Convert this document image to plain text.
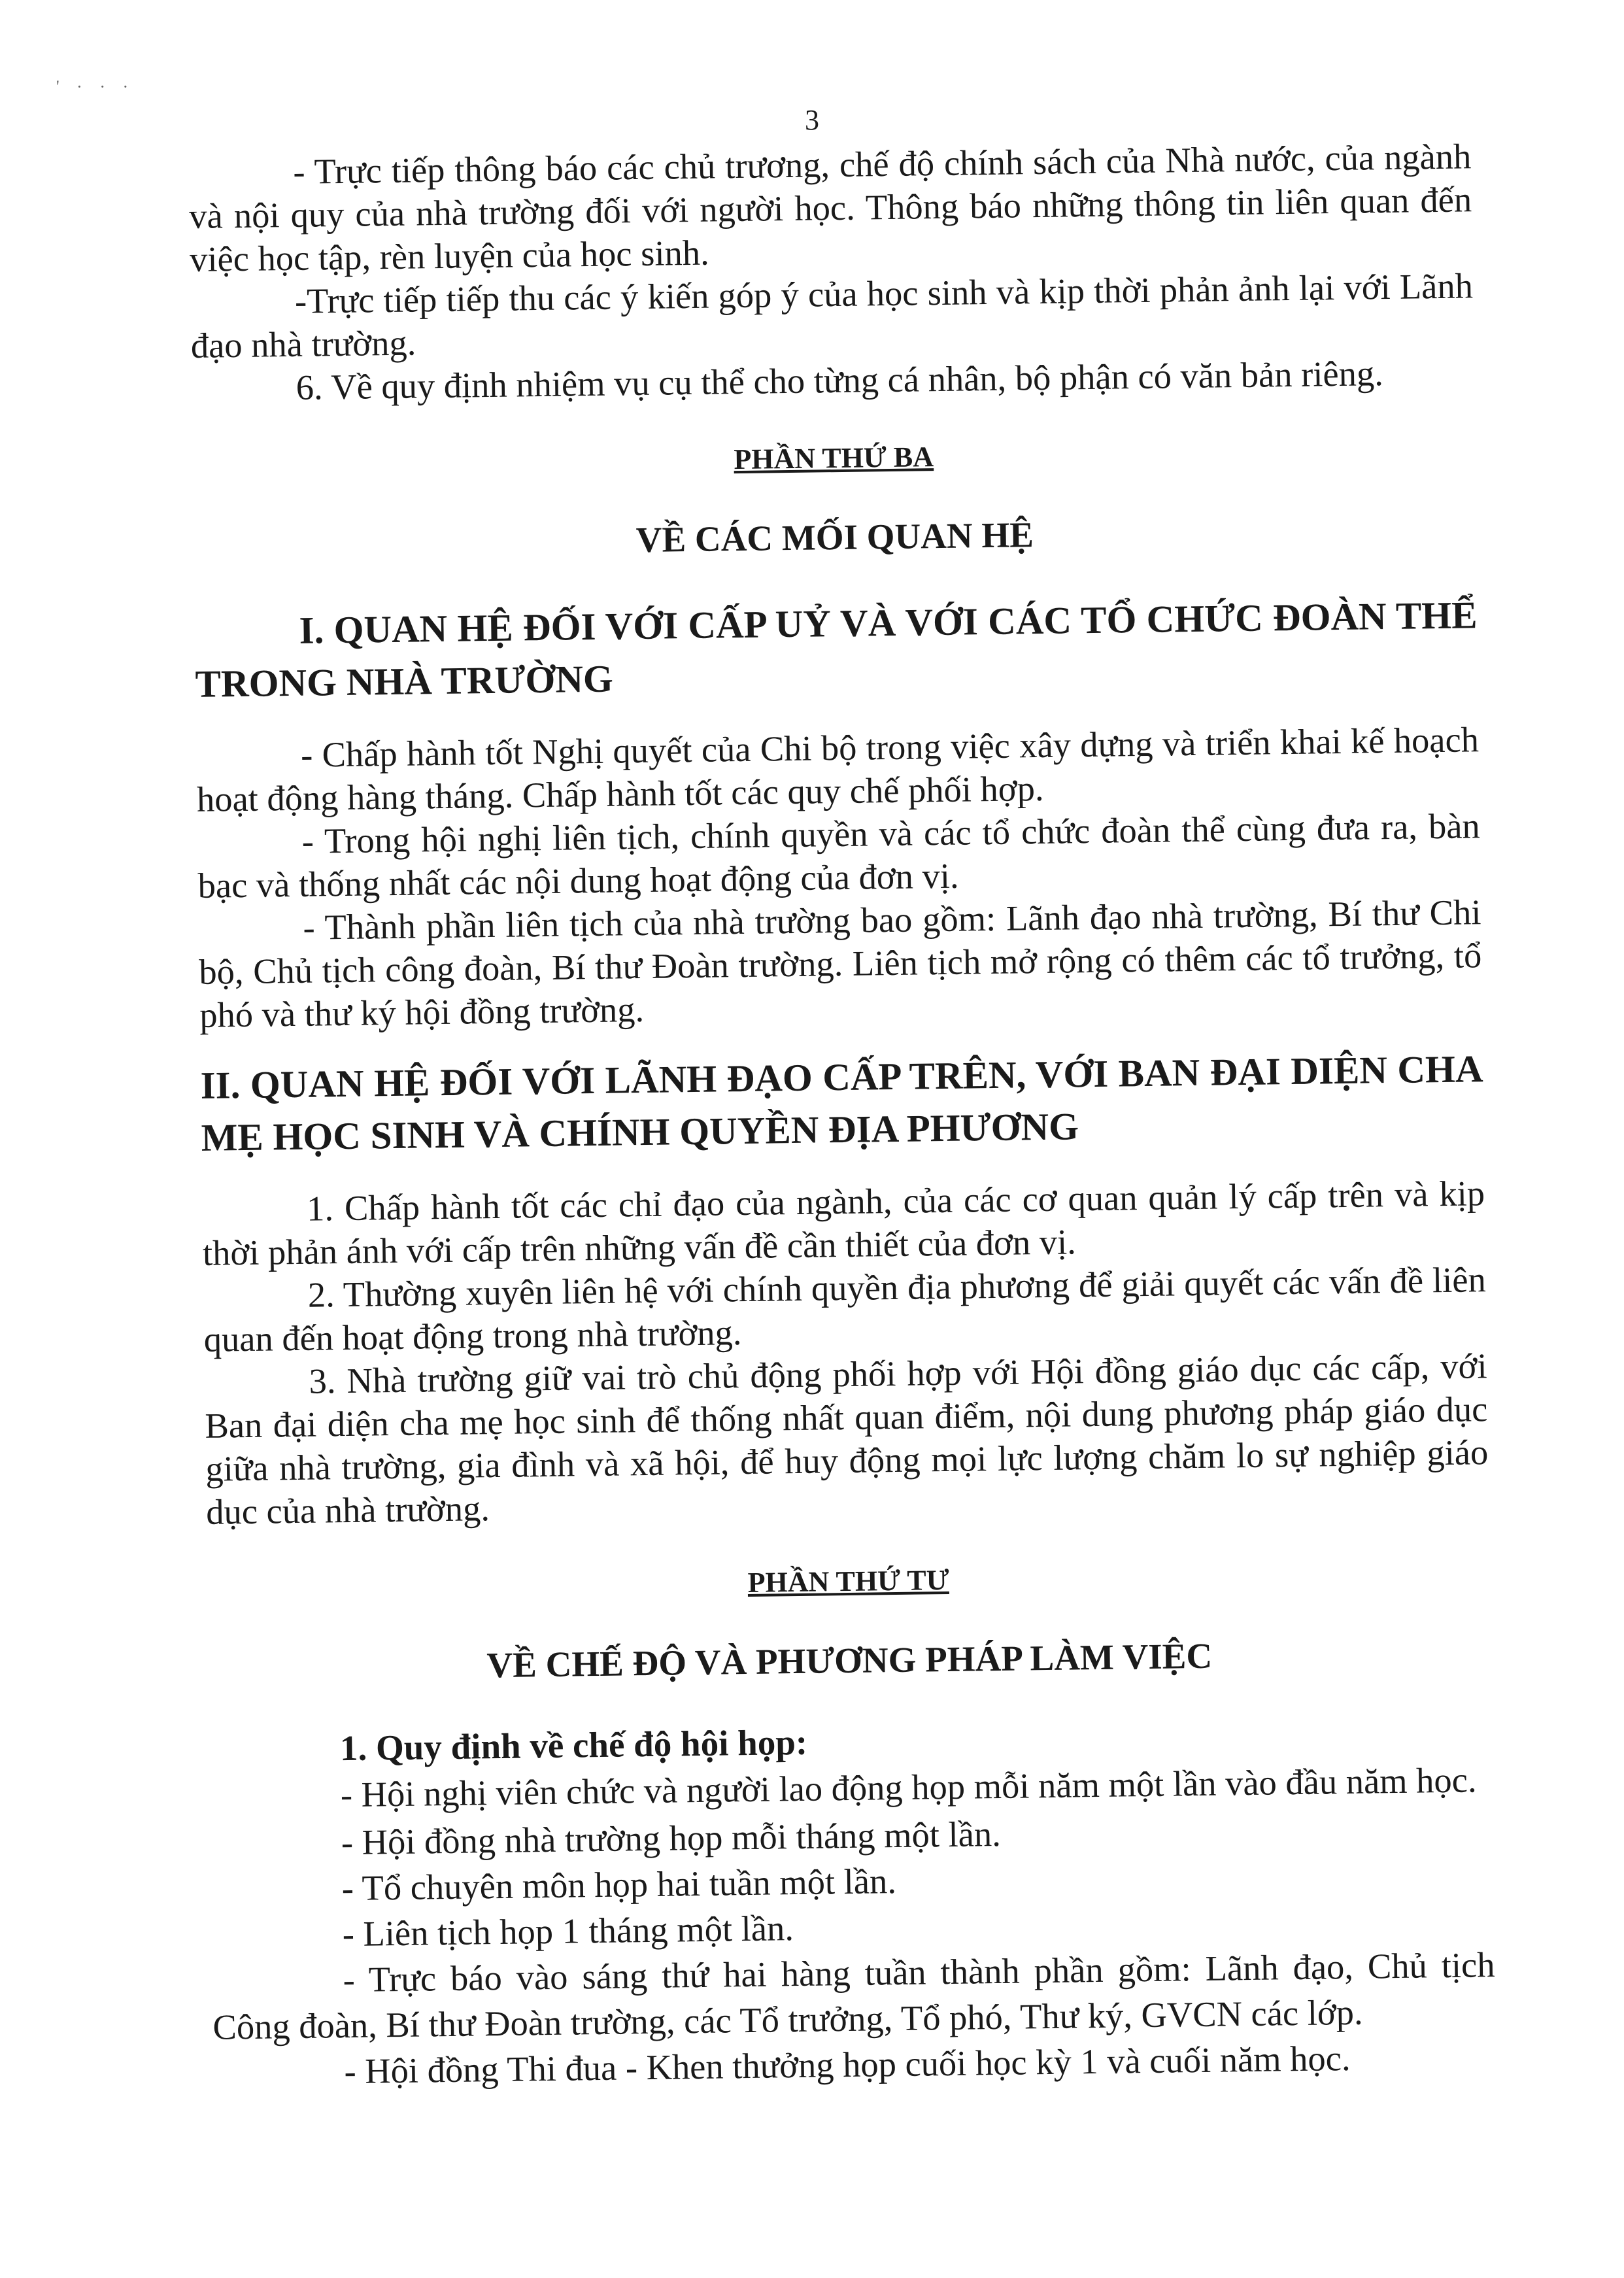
' · · ·
3

- Trực tiếp thông báo các chủ trương, chế độ chính sách của Nhà nước, của ngành và nội quy của nhà trường đối với người học. Thông báo những thông tin liên quan đến việc học tập, rèn luyện của học sinh.

-Trực tiếp tiếp thu các ý kiến góp ý của học sinh và kịp thời phản ảnh lại với Lãnh đạo nhà trường.

6. Về quy định nhiệm vụ cụ thể cho từng cá nhân, bộ phận có văn bản riêng.

PHẦN THỨ BA
VỀ CÁC MỐI QUAN HỆ
I. QUAN HỆ ĐỐI VỚI CẤP UỶ VÀ VỚI CÁC TỔ CHỨC ĐOÀN THỂ TRONG NHÀ TRƯỜNG

- Chấp hành tốt Nghị quyết của Chi bộ trong việc xây dựng và triển khai kế hoạch hoạt động hàng tháng. Chấp hành tốt các quy chế phối hợp.

- Trong hội nghị liên tịch, chính quyền và các tổ chức đoàn thể cùng đưa ra, bàn bạc và thống nhất các nội dung hoạt động của đơn vị.

- Thành phần liên tịch của nhà trường bao gồm: Lãnh đạo nhà trường, Bí thư Chi bộ, Chủ tịch công đoàn, Bí thư Đoàn trường. Liên tịch mở rộng có thêm các tổ trưởng, tổ phó và thư ký hội đồng trường.

II. QUAN HỆ ĐỐI VỚI LÃNH ĐẠO CẤP TRÊN, VỚI BAN ĐẠI DIỆN CHA MẸ HỌC SINH VÀ CHÍNH QUYỀN ĐỊA PHƯƠNG

1. Chấp hành tốt các chỉ đạo của ngành, của các cơ quan quản lý cấp trên và kịp thời phản ánh với cấp trên những vấn đề cần thiết của đơn vị.

2. Thường xuyên liên hệ với chính quyền địa phương để giải quyết các vấn đề liên quan đến hoạt động trong nhà trường.

3. Nhà trường giữ vai trò chủ động phối hợp với Hội đồng giáo dục các cấp, với Ban đại diện cha mẹ học sinh để thống nhất quan điểm, nội dung phương pháp giáo dục giữa nhà trường, gia đình và xã hội, để huy động mọi lực lượng chăm lo sự nghiệp giáo dục của nhà trường.

PHẦN THỨ TƯ
VỀ CHẾ ĐỘ VÀ PHƯƠNG PHÁP LÀM VIỆC
1. Quy định về chế độ hội họp:

- Hội nghị viên chức và người lao động họp mỗi năm một lần vào đầu năm học.

- Hội đồng nhà trường họp mỗi tháng một lần.

- Tổ chuyên môn họp hai tuần một lần.

- Liên tịch họp 1 tháng một lần.

- Trực báo vào sáng thứ hai hàng tuần thành phần gồm: Lãnh đạo, Chủ tịch Công đoàn, Bí thư Đoàn trường, các Tổ trưởng, Tổ phó, Thư ký, GVCN các lớp.

- Hội đồng Thi đua - Khen thưởng họp cuối học kỳ 1 và cuối năm học.
